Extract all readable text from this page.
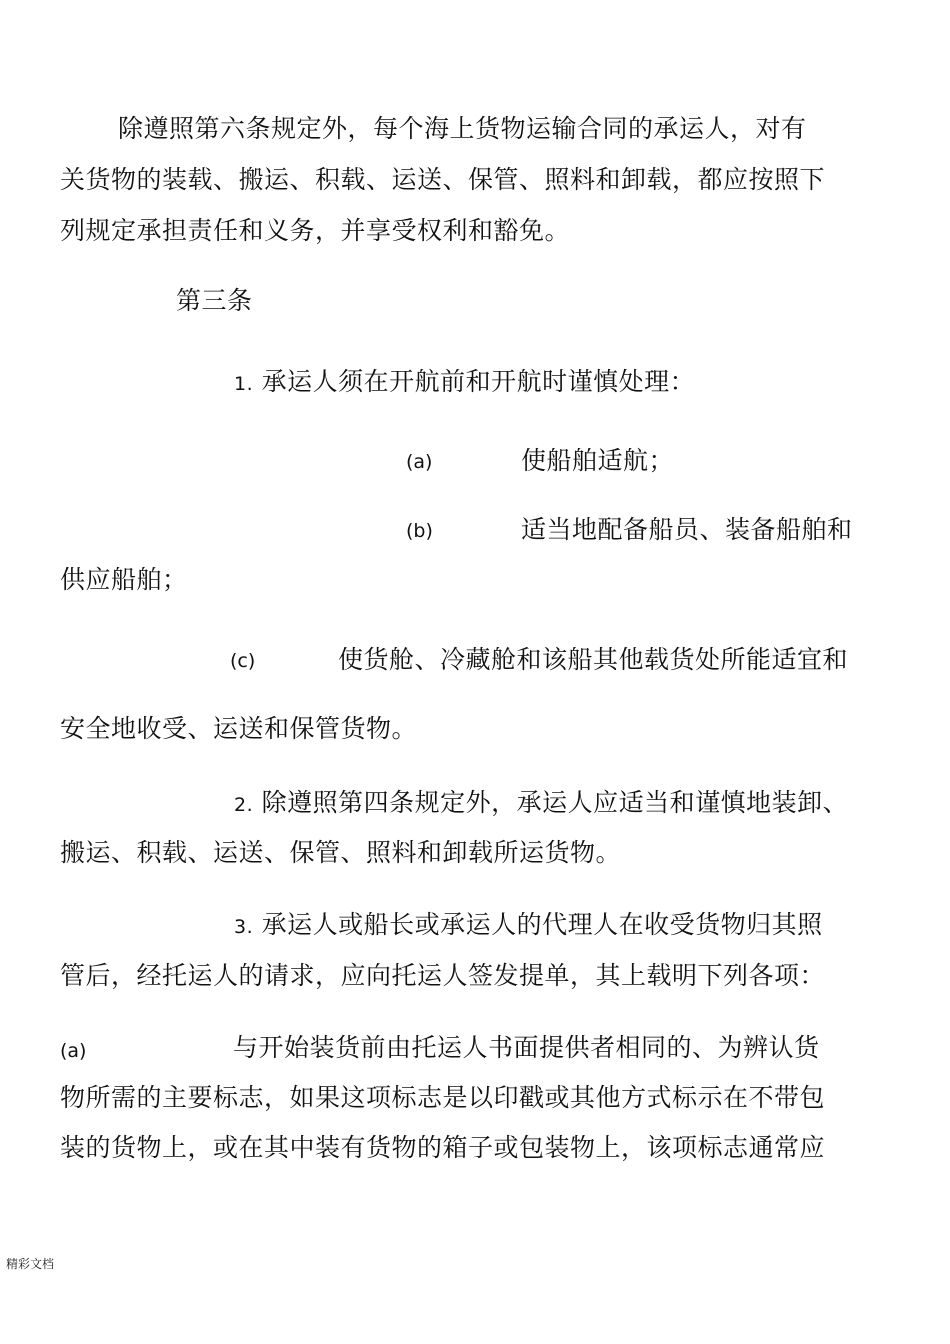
除遵照第六条规定外，每个海上货物运输合同的承运人，对有
关货物的装载、搬运、积载、运送、保管、照料和卸载，都应按照下
列规定承担责任和义务，并享受权利和豁免。
第三条
1. 承运人须在开航前和开航时谨慎处理：
(a)	使船舶适航；
(b)	适当地配备船员、装备船舶和
供应船舶；
(c)	使货舱、冷藏舱和该船其他载货处所能适宜和
安全地收受、运送和保管货物。
2. 除遵照第四条规定外，承运人应适当和谨慎地装卸、
搬运、积载、运送、保管、照料和卸载所运货物。
3. 承运人或船长或承运人的代理人在收受货物归其照
管后，经托运人的请求，应向托运人签发提单，其上载明下列各项：
(a)	与开始装货前由托运人书面提供者相同的、为辨认货
物所需的主要标志，如果这项标志是以印戳或其他方式标示在不带包
装的货物上，或在其中装有货物的箱子或包装物上，该项标志通常应
精彩文档
